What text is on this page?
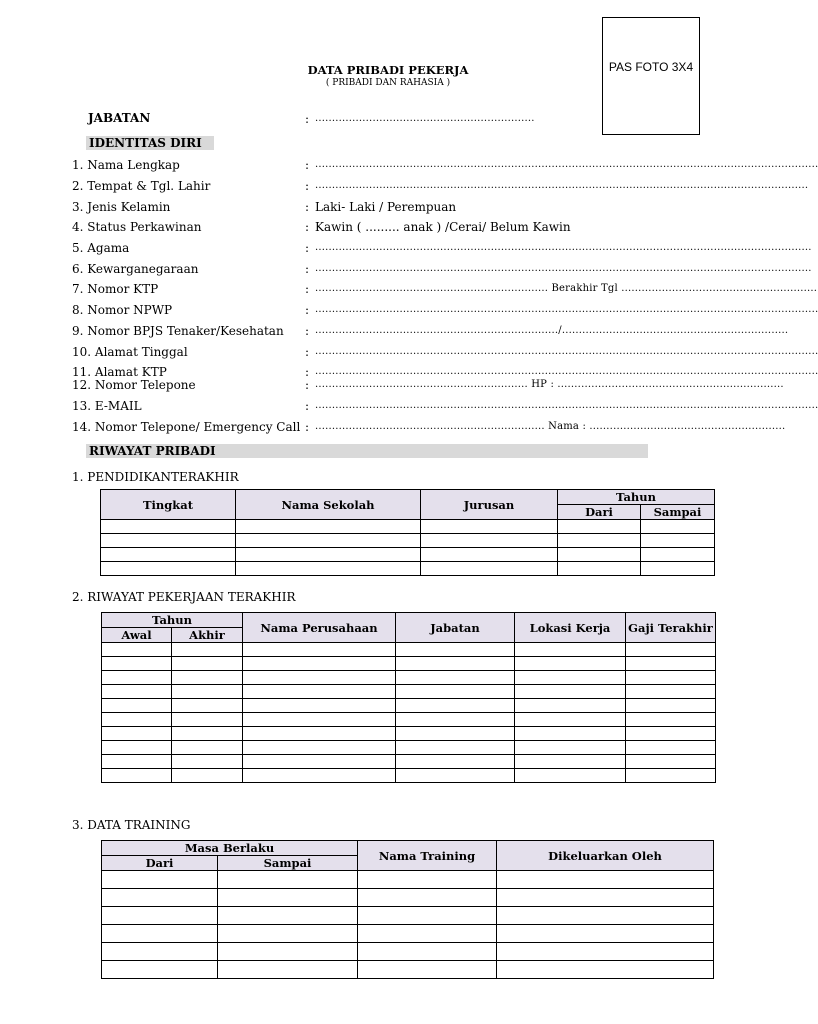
PAS FOTO 3X4
DATA PRIBADI PEKERJA
( PRIBADI DAN RAHASIA )
JABATAN	: .................................................................
IDENTITAS DIRI
1. Nama Lengkap	: .....................................................................................................................................................
2. Tempat & Tgl. Lahir	: ..................................................................................................................................................
3. Jenis Kelamin	: Laki- Laki / Perempuan
4. Status Perkawinan	: Kawin ( ......... anak ) /Cerai/ Belum Kawin
5. Agama	: ...................................................................................................................................................
6. Kewarganegaraan	: ...................................................................................................................................................
7. Nomor KTP	: ..................................................................... Berakhir Tgl ..........................................................
8. Nomor NPWP	: .....................................................................................................................................................
9. Nomor BPJS Tenaker/Kesehatan : ......................................................................../...................................................................
10. Alamat Tinggal	: .....................................................................................................................................................
11. Alamat KTP	: .....................................................................................................................................................
12. Nomor Telepone	: ............................................................... HP : ...................................................................
13. E-MAIL	: .....................................................................................................................................................
14. Nomor Telepone/ Emergency Call : .................................................................... Nama : ..........................................................
RIWAYAT PRIBADI
1. PENDIDIKANTERAKHIR
Tingkat	Nama Sekolah	Jurusan	Tahun	
			Dari	Sampai

2. RIWAYAT PEKERJAAN TERAKHIR
Tahun		Nama Perusahaan	Jabatan	Lokasi Kerja	Gaji Terakhir
Awal	Akhir				

3. DATA TRAINING
Masa Berlaku		Nama Training	Dikeluarkan Oleh
Dari	Sampai		
